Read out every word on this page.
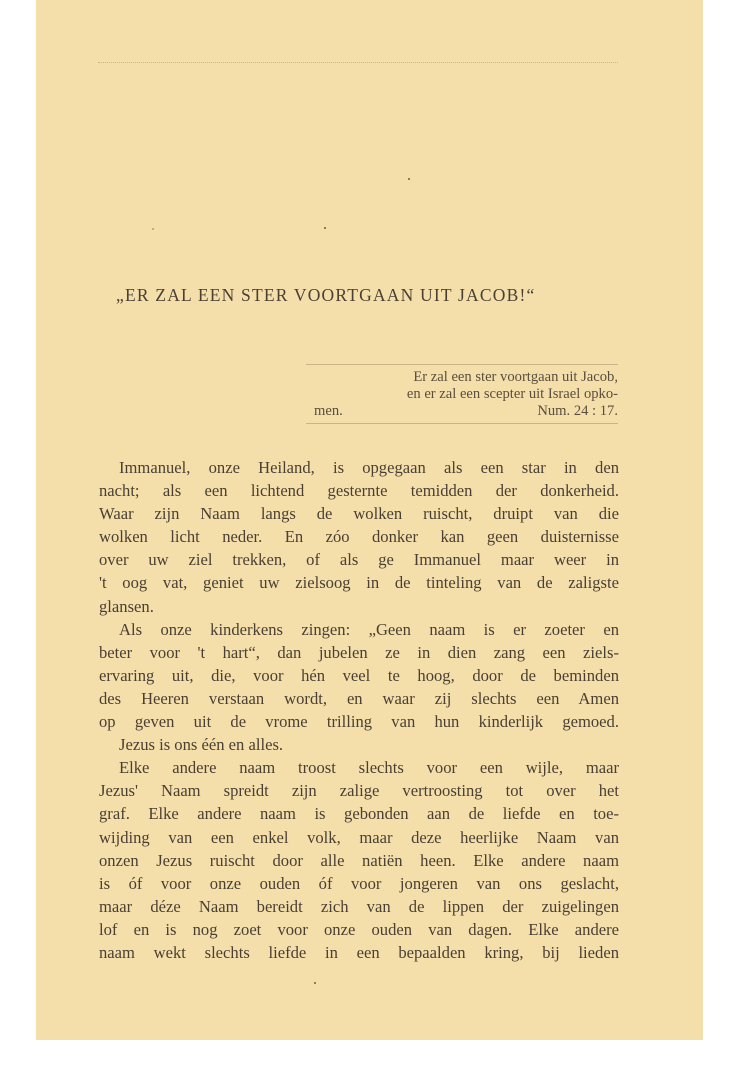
„ER ZAL EEN STER VOORTGAAN UIT JACOB!“
Er zal een ster voortgaan uit Jacob,
en er zal een scepter uit Israel opko-
men.	Num. 24 : 17.
Immanuel, onze Heiland, is opgegaan als een star in den
nacht; als een lichtend gesternte temidden der donkerheid.
Waar zijn Naam langs de wolken ruischt, druipt van die
wolken licht neder. En zóo donker kan geen duisternisse
over uw ziel trekken, of als ge Immanuel maar weer in
't oog vat, geniet uw zielsoog in de tinteling van de zaligste
glansen.
Als onze kinderkens zingen: „Geen naam is er zoeter en
beter voor 't hart“, dan jubelen ze in dien zang een ziels-
ervaring uit, die, voor hén veel te hoog, door de beminden
des Heeren verstaan wordt, en waar zij slechts een Amen
op geven uit de vrome trilling van hun kinderlijk gemoed.
Jezus is ons één en alles.
Elke andere naam troost slechts voor een wijle, maar
Jezus' Naam spreidt zijn zalige vertroosting tot over het
graf. Elke andere naam is gebonden aan de liefde en toe-
wijding van een enkel volk, maar deze heerlijke Naam van
onzen Jezus ruischt door alle natiën heen. Elke andere naam
is óf voor onze ouden óf voor jongeren van ons geslacht,
maar déze Naam bereidt zich van de lippen der zuigelingen
lof en is nog zoet voor onze ouden van dagen. Elke andere
naam wekt slechts liefde in een bepaalden kring, bij lieden
